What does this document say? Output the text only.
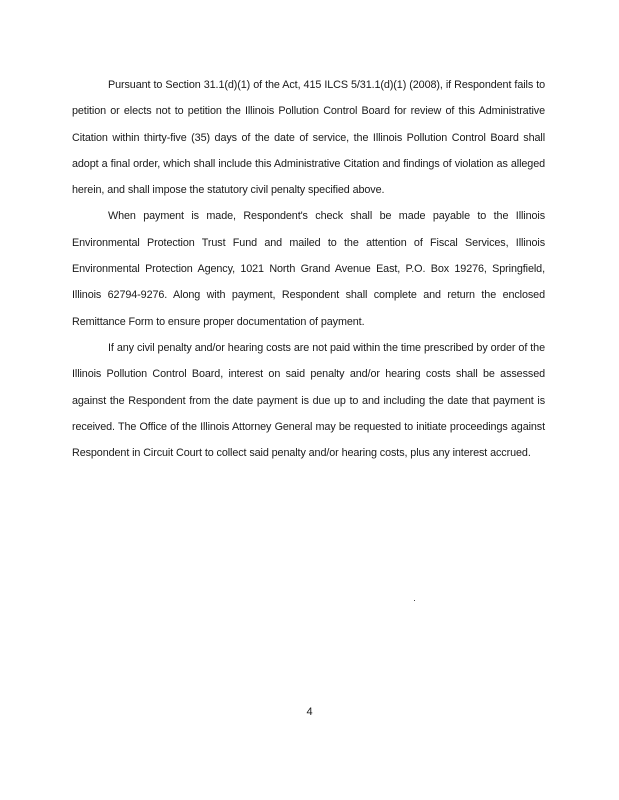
Pursuant to Section 31.1(d)(1) of the Act, 415 ILCS 5/31.1(d)(1) (2008), if Respondent fails to petition or elects not to petition the Illinois Pollution Control Board for review of this Administrative Citation within thirty-five (35) days of the date of service, the Illinois Pollution Control Board shall adopt a final order, which shall include this Administrative Citation and findings of violation as alleged herein, and shall impose the statutory civil penalty specified above.

When payment is made, Respondent's check shall be made payable to the Illinois Environmental Protection Trust Fund and mailed to the attention of Fiscal Services, Illinois Environmental Protection Agency, 1021 North Grand Avenue East, P.O. Box 19276, Springfield, Illinois 62794-9276. Along with payment, Respondent shall complete and return the enclosed Remittance Form to ensure proper documentation of payment.

If any civil penalty and/or hearing costs are not paid within the time prescribed by order of the Illinois Pollution Control Board, interest on said penalty and/or hearing costs shall be assessed against the Respondent from the date payment is due up to and including the date that payment is received. The Office of the Illinois Attorney General may be requested to initiate proceedings against Respondent in Circuit Court to collect said penalty and/or hearing costs, plus any interest accrued.

·
4
